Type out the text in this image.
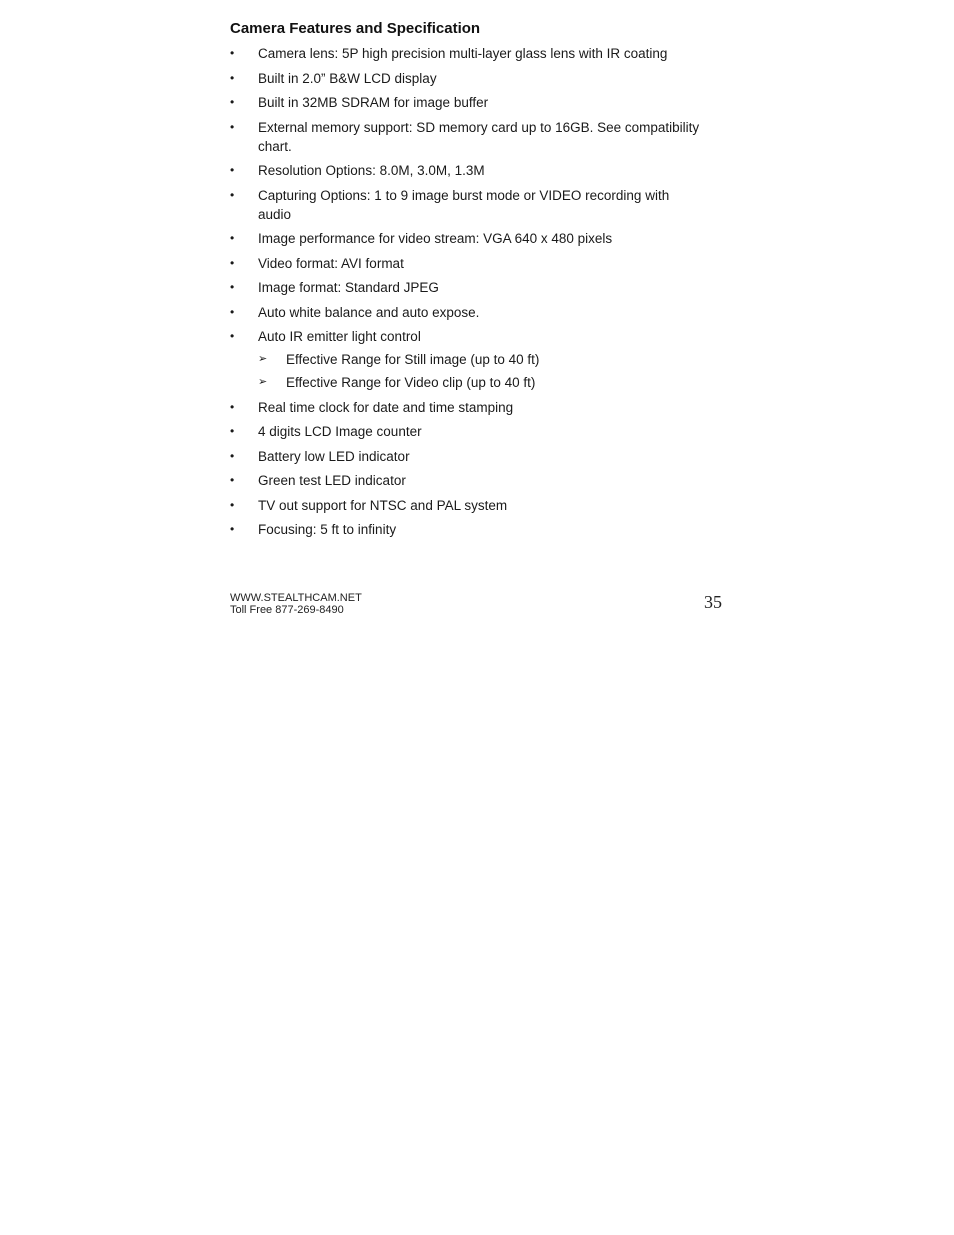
Camera Features and Specification
• Camera lens: 5P high precision multi-layer glass lens with IR coating
• Built in 2.0” B&W LCD display
• Built in 32MB SDRAM for image buffer
• External memory support: SD memory card up to 16GB. See compatibility chart.
• Resolution Options: 8.0M, 3.0M, 1.3M
• Capturing Options: 1 to 9 image burst mode or VIDEO recording with audio
• Image performance for video stream: VGA 640 x 480 pixels
• Video format: AVI format
• Image format: Standard JPEG
• Auto white balance and auto expose.
• Auto IR emitter light control
➢ Effective Range for Still image (up to 40 ft)
➢ Effective Range for Video clip (up to 40 ft)
• Real time clock for date and time stamping
• 4 digits LCD Image counter
• Battery low LED indicator
• Green test LED indicator
• TV out support for NTSC and PAL system
• Focusing: 5 ft to infinity
WWW.STEALTHCAM.NET
Toll Free 877-269-8490	35
